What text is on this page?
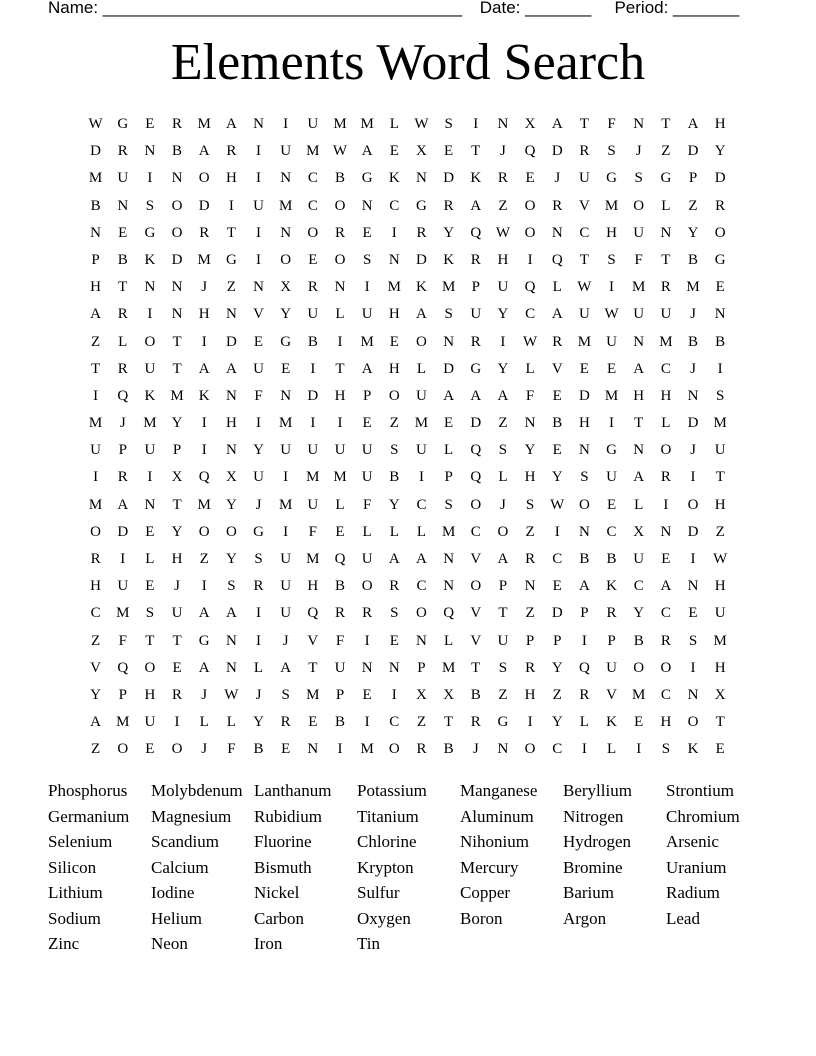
Name: ______________________________________ Date: _______ Period: _______
Elements Word Search
W G	E	R	M	A	N	I	U	M M	L	W	S	I	N	X	A	T	F	N	T	A	H
D	R	N	B	A	R	I	U	M W A	E	X	E	T	J	Q	D	R	S	J	Z	D	Y
M	U	I	N	O	H	I	N	C	B	G	K	N	D	K	R	E	J	U	G	S	G	P	D
B	N	S	O	D	I	U	M	C	O	N	C	G	R	A	Z	O	R	V	M	O	L	Z	R
N	E	G	O	R	T	I	N	O	R	E	I	R	Y	Q W O	N	C	H	U	N	Y	O
P	B	K	D	M	G	I	O	E	O	S	N	D	K	R	H	I	Q	T	S	F	T	B	G
H	T	N	N	J	Z	N	X	R	N	I	M	K	M	P	U	Q	L	W	I	M	R	M	E
A	R	I	N	H	N	V	Y	U	L	U	H	A	S	U	Y	C	A	U W U	U	J	N
Z	L	O	T	I	D	E	G	B	I	M	E	O	N	R	I	W	R	M	U	N	M	B	B
T	R	U	T	A	A	U	E	I	T	A	H	L	D	G	Y	L	V	E	E	A	C	J	I
I	Q	K	M	K	N	F	N	D	H	P	O	U	A	A	A	F	E	D	M	H	H	N	S
M	J	M	Y	I	H	I	M	I	I	E	Z	M	E	D	Z	N	B	H	I	T	L	D	M
U	P	U	P	I	N	Y	U	U	U	U	S	U	L	Q	S	Y	E	N	G	N	O	J	U
I	R	I	X	Q	X	U	I	M M	U	B	I	P	Q	L	H	Y	S	U	A	R	I	T
M	A	N	T	M	Y	J	M	U	L	F	Y	C	S	O	J	S	W O	E	L	I	O	H
O	D	E	Y	O	O	G	I	F	E	L	L	L	M	C	O	Z	I	N	C	X	N	D	Z
R	I	L	H	Z	Y	S	U	M	Q	U	A	A	N	V	A	R	C	B	B	U	E	I	W
H	U	E	J	I	S	R	U	H	B	O	R	C	N	O	P	N	E	A	K	C	A	N	H
C	M	S	U	A	A	I	U	Q	R	R	S	O	Q	V	T	Z	D	P	R	Y	C	E	U
Z	F	T	T	G	N	I	J	V	F	I	E	N	L	V	U	P	P	I	P	B	R	S	M
V	Q	O	E	A	N	L	A	T	U	N	N	P	M	T	S	R	Y	Q	U	O	O	I	H
Y	P	H	R	J	W	J	S	M	P	E	I	X	X	B	Z	H	Z	R	V	M	C	N	X
A	M	U	I	L	L	Y	R	E	B	I	C	Z	T	R	G	I	Y	L	K	E	H	O	T
Z	O	E	O	J	F	B	E	N	I	M	O	R	B	J	N	O	C	I	L	I	S	K	E
Phosphorus	Molybdenum Lanthanum	Potassium	Manganese	Beryllium	Strontium
Germanium	Magnesium	Rubidium	Titanium	Aluminum	Nitrogen	Chromium
Selenium	Scandium	Fluorine	Chlorine	Nihonium	Hydrogen	Arsenic
Silicon	Calcium	Bismuth	Krypton	Mercury	Bromine	Uranium
Lithium	Iodine	Nickel	Sulfur	Copper	Barium	Radium
Sodium	Helium	Carbon	Oxygen	Boron	Argon	Lead
Zinc	Neon	Iron	Tin
